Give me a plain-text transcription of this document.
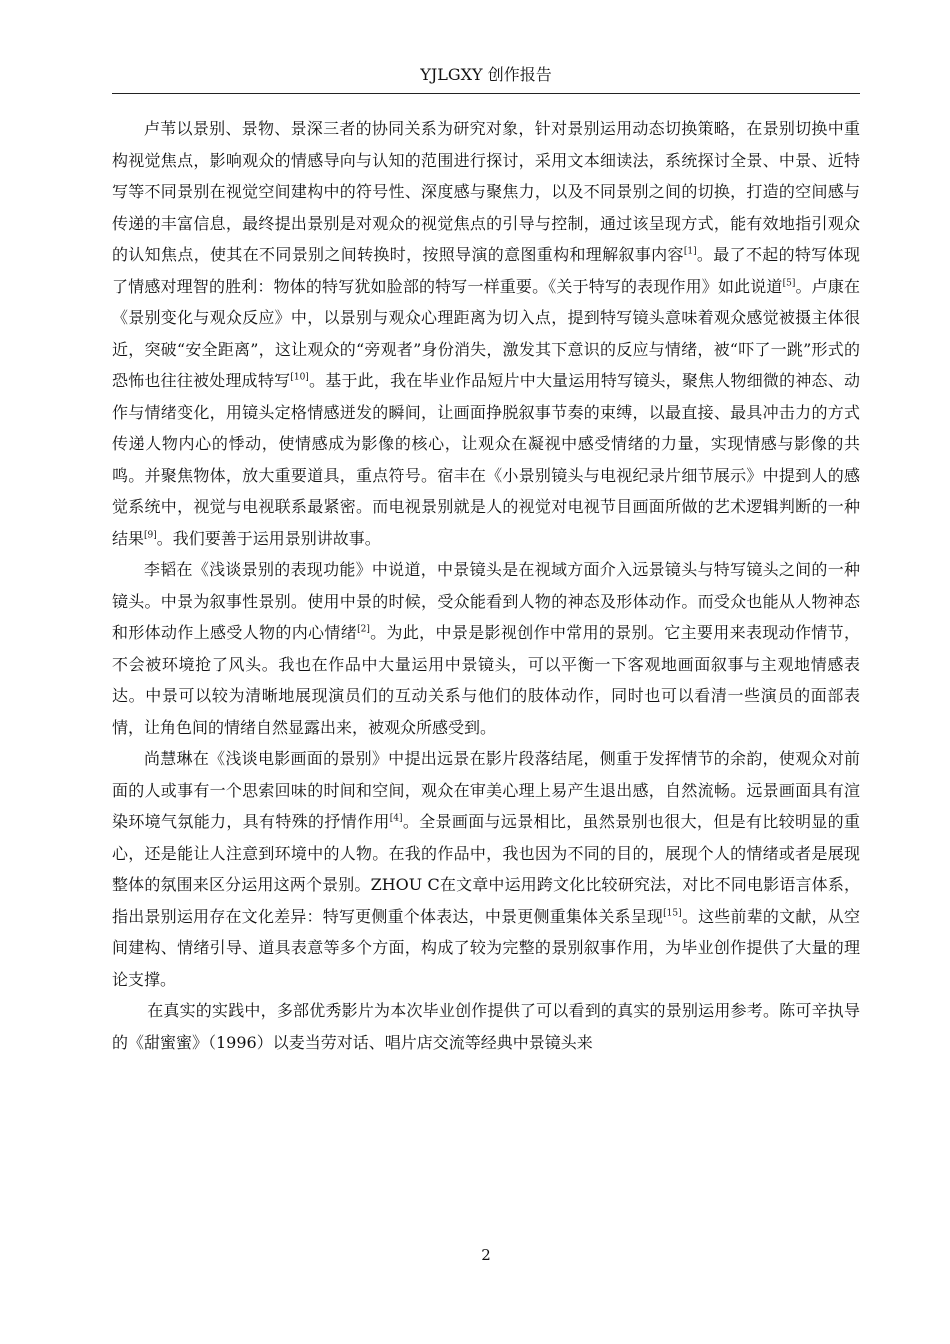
YJLGXY 创作报告

卢苇以景别、景物、景深三者的协同关系为研究对象，针对景别运用动态切换策略，在景别切换中重构视觉焦点，影响观众的情感导向与认知的范围进行探讨，采用文本细读法，系统探讨全景、中景、近特写等不同景别在视觉空间建构中的符号性、深度感与聚焦力，以及不同景别之间的切换，打造的空间感与传递的丰富信息，最终提出景别是对观众的视觉焦点的引导与控制，通过该呈现方式，能有效地指引观众的认知焦点，使其在不同景别之间转换时，按照导演的意图重构和理解叙事内容[1]。最了不起的特写体现了情感对理智的胜利：物体的特写犹如脸部的特写一样重要。《关于特写的表现作用》如此说道[5]。卢康在《景别变化与观众反应》中，以景别与观众心理距离为切入点，提到特写镜头意味着观众感觉被摄主体很近，突破“安全距离”，这让观众的“旁观者”身份消失，激发其下意识的反应与情绪，被“吓了一跳”形式的恐怖也往往被处理成特写[10]。基于此，我在毕业作品短片中大量运用特写镜头，聚焦人物细微的神态、动作与情绪变化，用镜头定格情感迸发的瞬间，让画面挣脱叙事节奏的束缚，以最直接、最具冲击力的方式传递人物内心的悸动，使情感成为影像的核心，让观众在凝视中感受情绪的力量，实现情感与影像的共鸣。并聚焦物体，放大重要道具，重点符号。宿丰在《小景别镜头与电视纪录片细节展示》中提到人的感觉系统中，视觉与电视联系最紧密。而电视景别就是人的视觉对电视节目画面所做的艺术逻辑判断的一种结果[9]。我们要善于运用景别讲故事。

李韬在《浅谈景别的表现功能》中说道，中景镜头是在视域方面介入远景镜头与特写镜头之间的一种镜头。中景为叙事性景别。使用中景的时候，受众能看到人物的神态及形体动作。而受众也能从人物神态和形体动作上感受人物的内心情绪[2]。为此，中景是影视创作中常用的景别。它主要用来表现动作情节，不会被环境抢了风头。我也在作品中大量运用中景镜头，可以平衡一下客观地画面叙事与主观地情感表达。中景可以较为清晰地展现演员们的互动关系与他们的肢体动作，同时也可以看清一些演员的面部表情，让角色间的情绪自然显露出来，被观众所感受到。

尚慧琳在《浅谈电影画面的景别》中提出远景在影片段落结尾，侧重于发挥情节的余韵，使观众对前面的人或事有一个思索回味的时间和空间，观众在审美心理上易产生退出感，自然流畅。远景画面具有渲染环境气氛能力，具有特殊的抒情作用[4]。全景画面与远景相比，虽然景别也很大，但是有比较明显的重心，还是能让人注意到环境中的人物。在我的作品中，我也因为不同的目的，展现个人的情绪或者是展现整体的氛围来区分运用这两个景别。ZHOU C在文章中运用跨文化比较研究法，对比不同电影语言体系，指出景别运用存在文化差异：特写更侧重个体表达，中景更侧重集体关系呈现[15]。这些前辈的文献，从空间建构、情绪引导、道具表意等多个方面，构成了较为完整的景别叙事作用，为毕业创作提供了大量的理论支撑。

在真实的实践中，多部优秀影片为本次毕业创作提供了可以看到的真实的景别运用参考。陈可辛执导的《甜蜜蜜》（1996）以麦当劳对话、唱片店交流等经典中景镜头来

2
